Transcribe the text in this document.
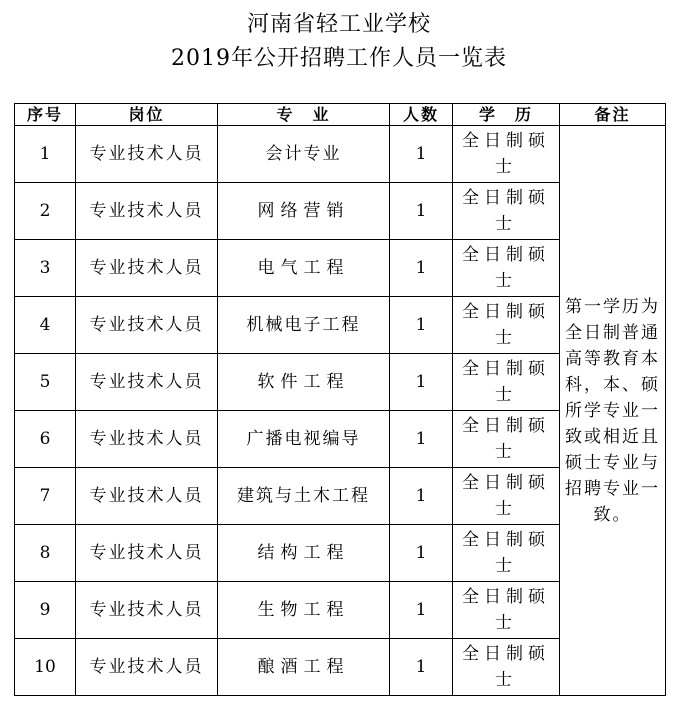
河南省轻工业学校
2019年公开招聘工作人员一览表
序号	岗位	专　业	人数	学　历	备注
1	专业技术人员	会计专业	1	全日制硕士	第一学历为全日制普通高等教育本科，本、硕所学专业一致或相近且硕士专业与招聘专业一致。
2	专业技术人员	网络营销	1	全日制硕士	
3	专业技术人员	电气工程	1	全日制硕士	
4	专业技术人员	机械电子工程	1	全日制硕士	
5	专业技术人员	软件工程	1	全日制硕士	
6	专业技术人员	广播电视编导	1	全日制硕士	
7	专业技术人员	建筑与土木工程	1	全日制硕士	
8	专业技术人员	结构工程	1	全日制硕士	
9	专业技术人员	生物工程	1	全日制硕士	
10	专业技术人员	酿酒工程	1	全日制硕士	
